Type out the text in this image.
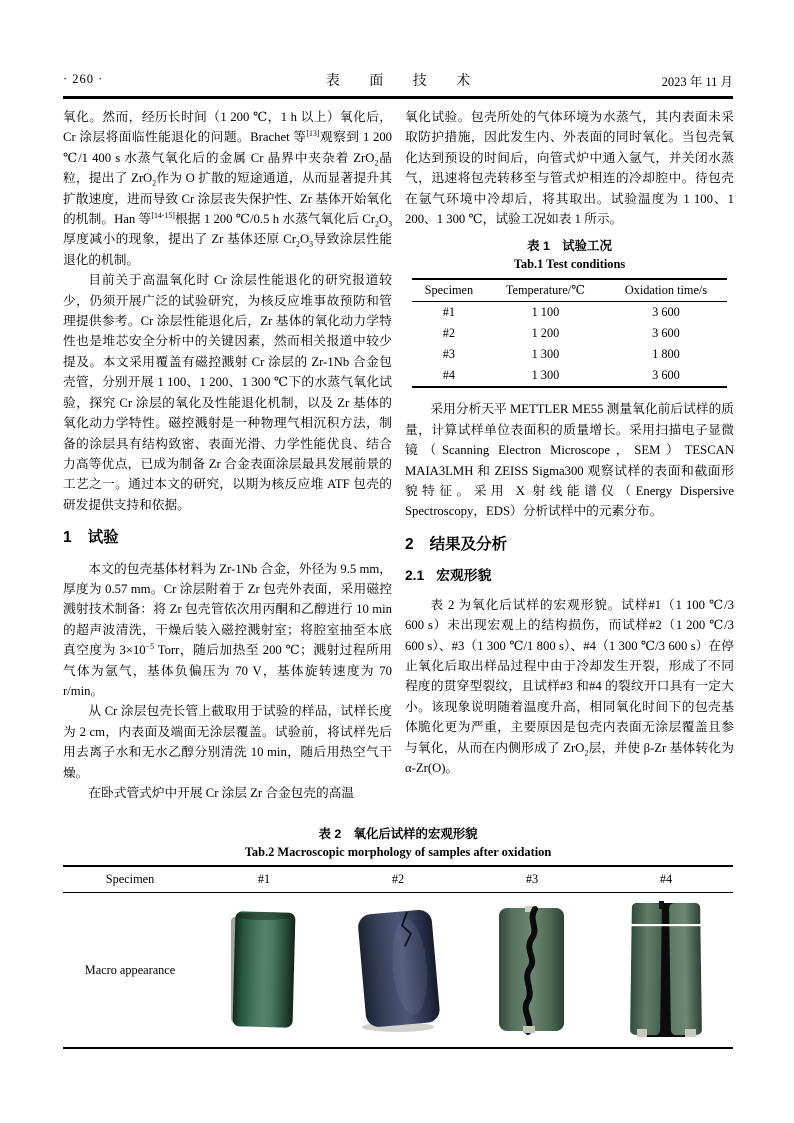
· 260 ·	表 面 技 术	2023 年 11 月

氧化。然而，经历长时间（1 200 ℃，1 h 以上）氧化后，Cr 涂层将面临性能退化的问题。Brachet 等[13]观察到 1 200 ℃/1 400 s 水蒸气氧化后的金属 Cr 晶界中夹杂着 ZrO$_2$晶粒，提出了 ZrO$_2$作为 O 扩散的短途通道，从而显著提升其扩散速度，进而导致 Cr 涂层丧失保护性、Zr 基体开始氧化的机制。Han 等[14-15]根据 1 200 ℃/0.5 h 水蒸气氧化后 $Cr_2O_3$厚度减小的现象，提出了 Zr 基体还原 $Cr_2O_3$导致涂层性能退化的机制。

目前关于高温氧化时 Cr 涂层性能退化的研究报道较少，仍须开展广泛的试验研究，为核反应堆事故预防和管理提供参考。Cr 涂层性能退化后，Zr 基体的氧化动力学特性也是堆芯安全分析中的关键因素，然而相关报道中较少提及。本文采用覆盖有磁控溅射 Cr 涂层的 Zr-1Nb 合金包壳管，分别开展 1 100、1 200、1 300 ℃下的水蒸气氧化试验，探究 Cr 涂层的氧化及性能退化机制，以及 Zr 基体的氧化动力学特性。磁控溅射是一种物理气相沉积方法，制备的涂层具有结构致密、表面光滑、力学性能优良、结合力高等优点，已成为制备 Zr 合金表面涂层最具发展前景的工艺之一。通过本文的研究，以期为核反应堆 ATF 包壳的研发提供支持和依据。

1 试验

本文的包壳基体材料为 Zr-1Nb 合金，外径为 9.5 mm，厚度为 0.57 mm。Cr 涂层附着于 Zr 包壳外表面，采用磁控溅射技术制备：将 Zr 包壳管依次用丙酮和乙醇进行 10 min 的超声波清洗，干燥后装入磁控溅射室；将腔室抽至本底真空度为 $3\times 10^{-5}$ Torr，随后加热至 200 ℃；溅射过程所用气体为氩气，基体负偏压为 70 V，基体旋转速度为 70 r/min。

从 Cr 涂层包壳长管上截取用于试验的样品，试样长度为 2 cm，内表面及端面无涂层覆盖。试验前，将试样先后用去离子水和无水乙醇分别清洗 10 min，随后用热空气干燥。

在卧式管式炉中开展 Cr 涂层 Zr 合金包壳的高温

氧化试验。包壳所处的气体环境为水蒸气，其内表面未采取防护措施，因此发生内、外表面的同时氧化。当包壳氧化达到预设的时间后，向管式炉中通入氩气，并关闭水蒸气，迅速将包壳转移至与管式炉相连的冷却腔中。待包壳在氩气环境中冷却后，将其取出。试验温度为 1 100、1 200、1 300 ℃，试验工况如表 1 所示。

表 1　试验工况
Tab.1 Test conditions
Specimen	Temperature/℃	Oxidation time/s
#1	1 100	3 600
#2	1 200	3 600
#3	1 300	1 800
#4	1 300	3 600

采用分析天平 METTLER ME55 测量氧化前后试样的质量，计算试样单位表面积的质量增长。采用扫描电子显微镜（Scanning Electron Microscope，SEM）TESCAN MAIA3LMH 和 ZEISS Sigma300 观察试样的表面和截面形貌特征。采用 X 射线能谱仪（Energy Dispersive Spectroscopy，EDS）分析试样中的元素分布。

2 结果及分析
2.1 宏观形貌

表 2 为氧化后试样的宏观形貌。试样#1（1 100 ℃/3 600 s）未出现宏观上的结构损伤，而试样#2（1 200 ℃/3 600 s）、#3（1 300 ℃/1 800 s）、#4（1 300 ℃/3 600 s）在停止氧化后取出样品过程中由于冷却发生开裂，形成了不同程度的贯穿型裂纹，且试样#3 和#4 的裂纹开口具有一定大小。该现象说明随着温度升高，相同氧化时间下的包壳基体脆化更为严重，主要原因是包壳内表面无涂层覆盖且参与氧化，从而在内侧形成了 ZrO$_2$层，并使 β-Zr 基体转化为 α-Zr(O)。

表 2　氧化后试样的宏观形貌
Tab.2 Macroscopic morphology of samples after oxidation
Specimen	#1	#2	#3	#4
Macro appearance				
